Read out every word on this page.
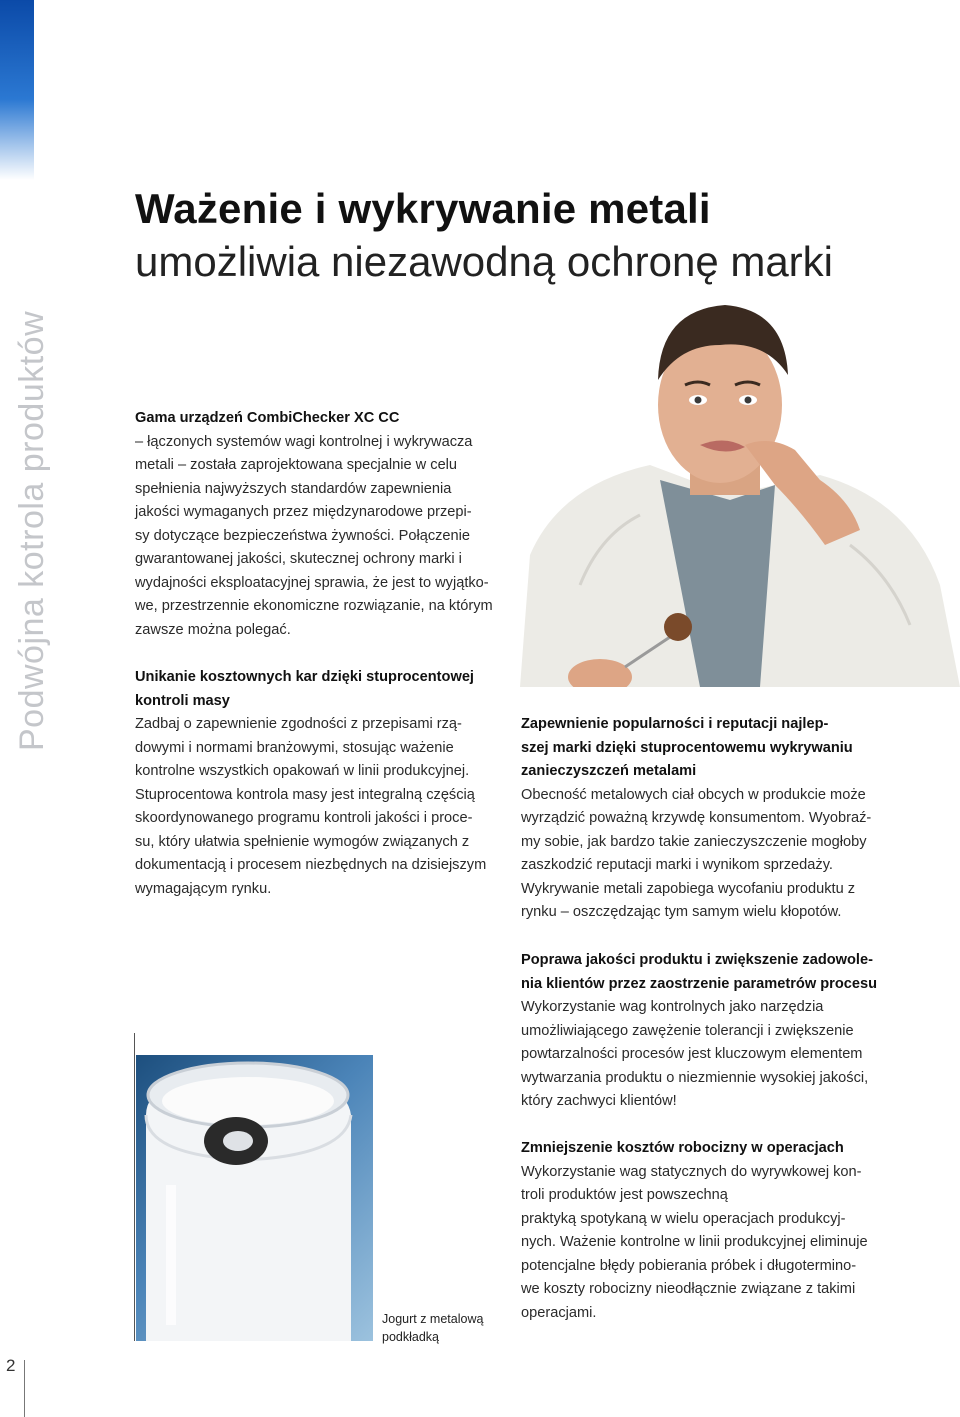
Podwójna kotrola produktów
2
Ważenie i wykrywanie metali
umożliwia niezawodną ochronę marki

Gama urządzeń CombiChecker XC CC

– łączonych systemów wagi kontrolnej i wykrywacza

metali – została zaprojektowana specjalnie w celu

spełnienia najwyższych standardów zapewnienia

jakości wymaganych przez międzynarodowe przepi-

sy dotyczące bezpieczeństwa żywności. Połączenie

gwarantowanej jakości, skutecznej ochrony marki i

wydajności eksploatacyjnej sprawia, że jest to wyjątko-

we, przestrzennie ekonomiczne rozwiązanie, na którym

zawsze można polegać.

Unikanie kosztownych kar dzięki stuprocentowej

kontroli masy

Zadbaj o zapewnienie zgodności z przepisami rzą-

dowymi i normami branżowymi, stosując ważenie

kontrolne wszystkich opakowań w linii produkcyjnej.

Stuprocentowa kontrola masy jest integralną częścią

skoordynowanego programu kontroli jakości i proce-

su, który ułatwia spełnienie wymogów związanych z

dokumentacją i procesem niezbędnych na dzisiejszym

wymagającym rynku.

Zapewnienie popularności i reputacji najlep-

szej marki dzięki stuprocentowemu wykrywaniu

zanieczyszczeń metalami

Obecność metalowych ciał obcych w produkcie może

wyrządzić poważną krzywdę konsumentom. Wyobraź-

my sobie, jak bardzo takie zanieczyszczenie mogłoby

zaszkodzić reputacji marki i wynikom sprzedaży.

Wykrywanie metali zapobiega wycofaniu produktu z

rynku – oszczędzając tym samym wielu kłopotów.

Poprawa jakości produktu i zwiększenie zadowole-

nia klientów przez zaostrzenie parametrów procesu

Wykorzystanie wag kontrolnych jako narzędzia

umożliwiającego zawężenie tolerancji i zwiększenie

powtarzalności procesów jest kluczowym elementem

wytwarzania produktu o niezmiennie wysokiej jakości,

który zachwyci klientów!

Zmniejszenie kosztów robocizny w operacjach

Wykorzystanie wag statycznych do wyrywkowej kon-

troli produktów jest powszechną

praktyką spotykaną w wielu operacjach produkcyj-

nych. Ważenie kontrolne w linii produkcyjnej eliminuje

potencjalne błędy pobierania próbek i długotermino-

we koszty robocizny nieodłącznie związane z takimi

operacjami.

Jogurt z metalową
podkładką
